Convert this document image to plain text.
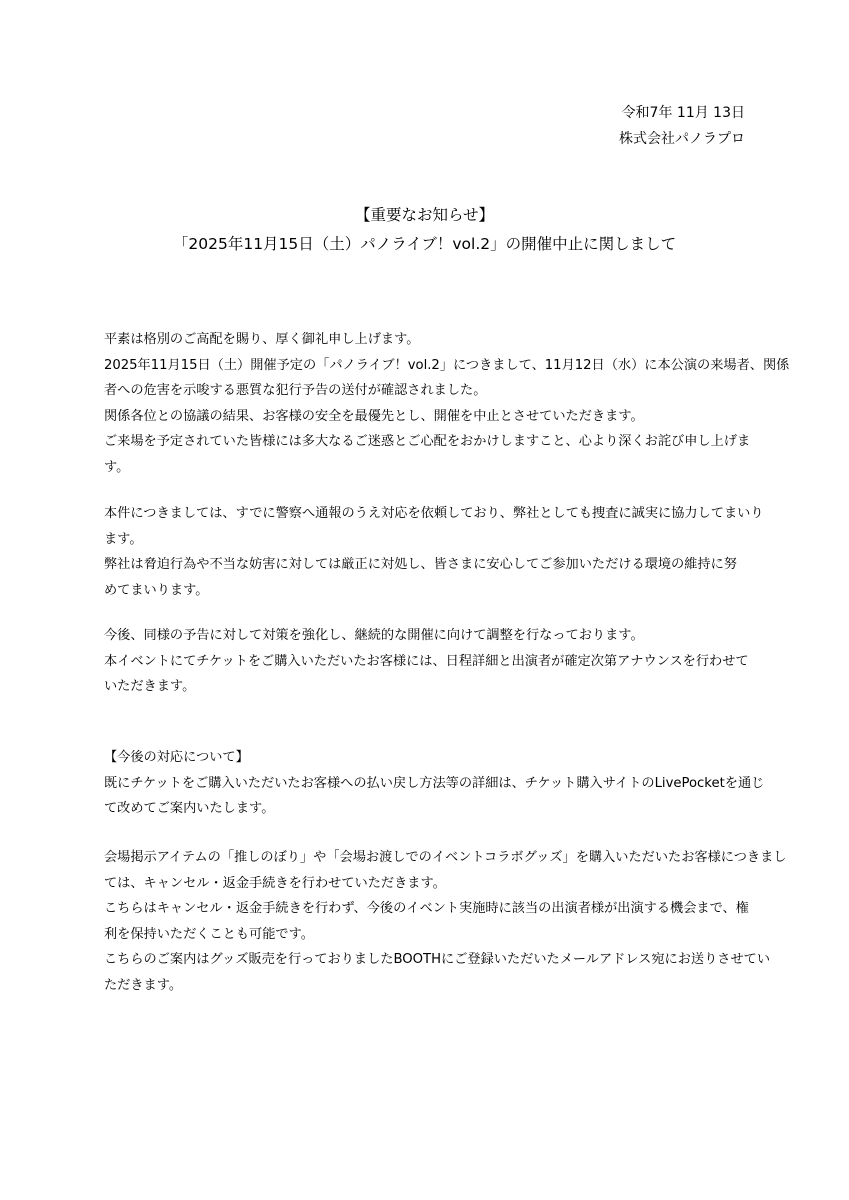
令和7年 11月 13日
株式会社パノラプロ
【重要なお知らせ】
「2025年11月15日（土）パノライブ！vol.2」の開催中止に関しまして
平素は格別のご高配を賜り、厚く御礼申し上げます。
2025年11月15日（土）開催予定の「パノライブ！vol.2」につきまして、11月12日（水）に本公演の来場者、関係
者への危害を示唆する悪質な犯行予告の送付が確認されました。
関係各位との協議の結果、お客様の安全を最優先とし、開催を中止とさせていただきます。
ご来場を予定されていた皆様には多大なるご迷惑とご心配をおかけしますこと、心より深くお詫び申し上げま
す。
本件につきましては、すでに警察へ通報のうえ対応を依頼しており、弊社としても捜査に誠実に協力してまいり
ます。
弊社は脅迫行為や不当な妨害に対しては厳正に対処し、皆さまに安心してご参加いただける環境の維持に努
めてまいります。
今後、同様の予告に対して対策を強化し、継続的な開催に向けて調整を行なっております。
本イベントにてチケットをご購入いただいたお客様には、日程詳細と出演者が確定次第アナウンスを行わせて
いただきます。
【今後の対応について】
既にチケットをご購入いただいたお客様への払い戻し方法等の詳細は、チケット購入サイトのLivePocketを通じ
て改めてご案内いたします。
会場掲示アイテムの「推しのぼり」や「会場お渡しでのイベントコラボグッズ」を購入いただいたお客様につきまし
ては、キャンセル・返金手続きを行わせていただきます。
こちらはキャンセル・返金手続きを行わず、今後のイベント実施時に該当の出演者様が出演する機会まで、権
利を保持いただくことも可能です。
こちらのご案内はグッズ販売を行っておりましたBOOTHにご登録いただいたメールアドレス宛にお送りさせてい
ただきます。
